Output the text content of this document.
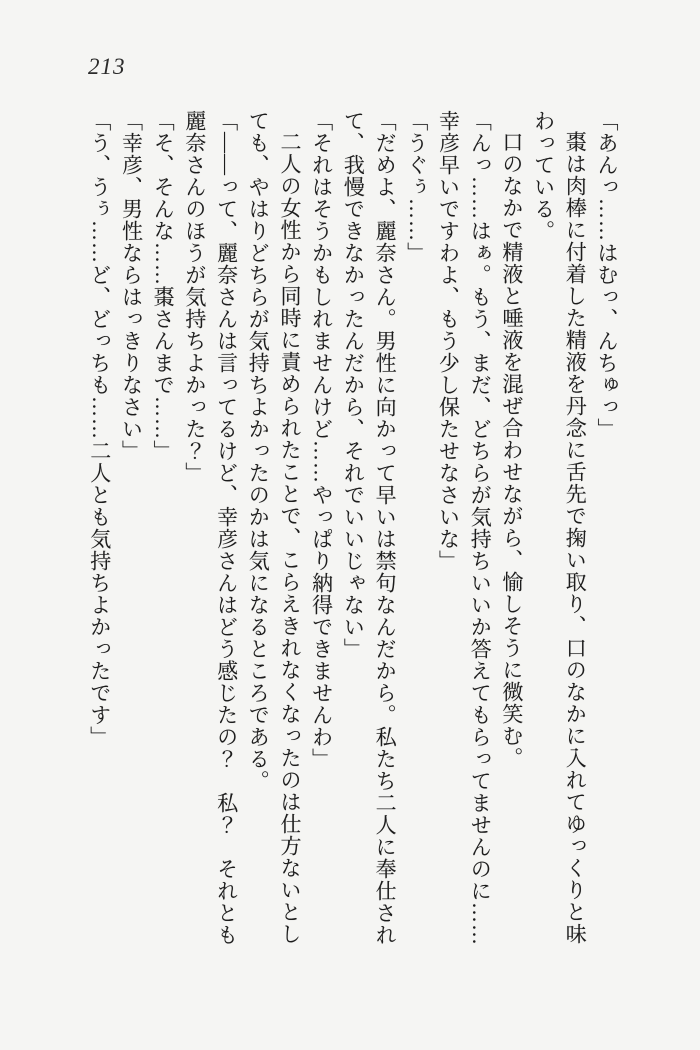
213

「あんっ……はむっ、んちゅっ」

棗は肉棒に付着した精液を丹念に舌先で掬い取り、口のなかに入れてゆっくりと味わっている。

口のなかで精液と唾液を混ぜ合わせながら、愉しそうに微笑む。

「んっ……はぁ。もう、まだ、どちらが気持ちいいか答えてもらってませんのに……幸彦早いですわよ、もう少し保たせなさいな」

「うぐぅ……」

「だめよ、麗奈さん。男性に向かって早いは禁句なんだから。私たち二人に奉仕されて、我慢できなかったんだから、それでいいじゃない」

「それはそうかもしれませんけど……やっぱり納得できませんわ」

二人の女性から同時に責められたことで、こらえきれなくなったのは仕方ないとしても、やはりどちらが気持ちよかったのかは気になるところである。

「――って、麗奈さんは言ってるけど、幸彦さんはどう感じたの？　私？　それとも麗奈さんのほうが気持ちよかった？」

「そ、そんな……棗さんまで……」

「幸彦、男性ならはっきりなさい」

「う、うぅ……ど、どっちも……二人とも気持ちよかったです」
